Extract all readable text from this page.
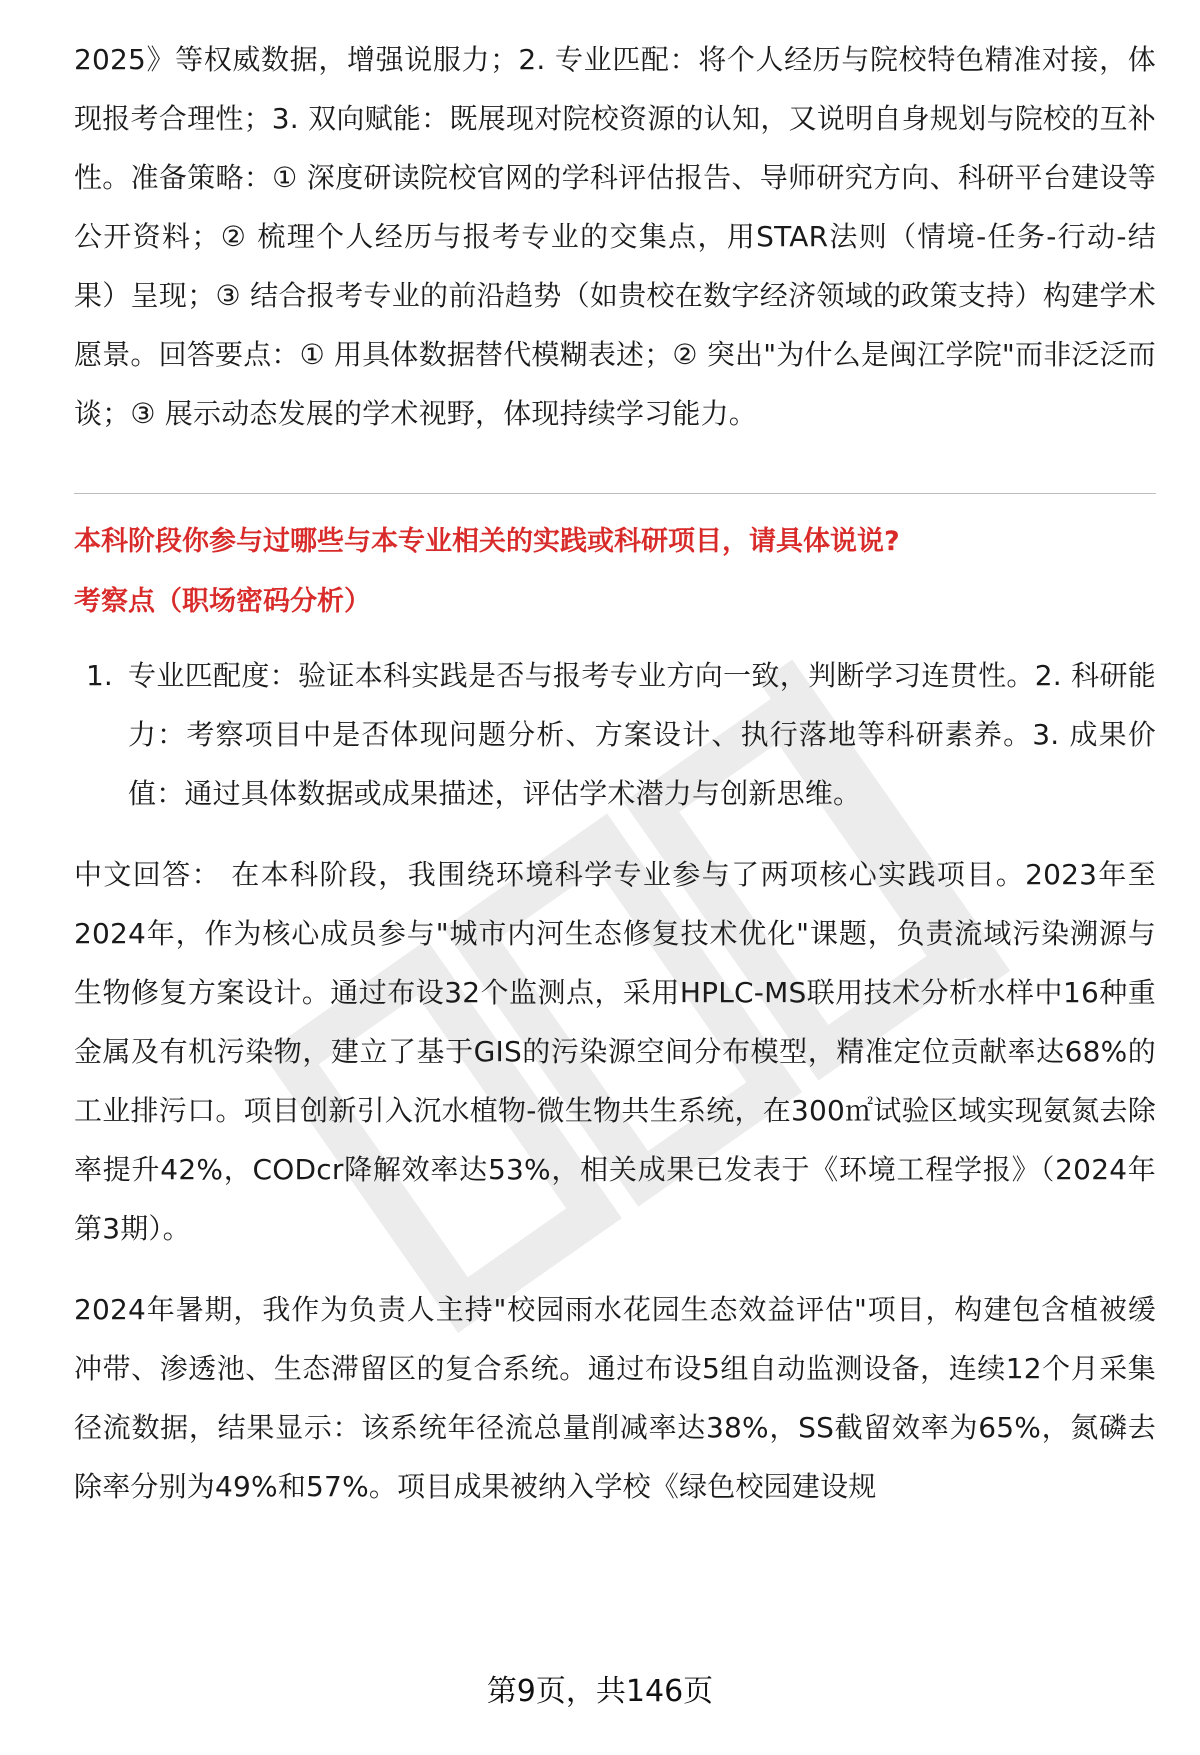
2025》等权威数据，增强说服力；2. 专业匹配：将个人经历与院校特色精准对接，体现报考合理性；3. 双向赋能：既展现对院校资源的认知，又说明自身规划与院校的互补性。准备策略：① 深度研读院校官网的学科评估报告、导师研究方向、科研平台建设等公开资料；② 梳理个人经历与报考专业的交集点，用STAR法则（情境-任务-行动-结果）呈现；③ 结合报考专业的前沿趋势（如贵校在数字经济领域的政策支持）构建学术愿景。回答要点：① 用具体数据替代模糊表述；② 突出"为什么是闽江学院"而非泛泛而谈；③ 展示动态发展的学术视野，体现持续学习能力。

本科阶段你参与过哪些与本专业相关的实践或科研项目，请具体说说?
考察点（职场密码分析）
1. 专业匹配度：验证本科实践是否与报考专业方向一致，判断学习连贯性。2. 科研能力：考察项目中是否体现问题分析、方案设计、执行落地等科研素养。3. 成果价值：通过具体数据或成果描述，评估学术潜力与创新思维。

中文回答： 在本科阶段，我围绕环境科学专业参与了两项核心实践项目。2023年至2024年，作为核心成员参与"城市内河生态修复技术优化"课题，负责流域污染溯源与生物修复方案设计。通过布设32个监测点，采用HPLC-MS联用技术分析水样中16种重金属及有机污染物，建立了基于GIS的污染源空间分布模型，精准定位贡献率达68%的工业排污口。项目创新引入沉水植物-微生物共生系统，在300㎡试验区域实现氨氮去除率提升42%，CODcr降解效率达53%，相关成果已发表于《环境工程学报》（2024年第3期）。

2024年暑期，我作为负责人主持"校园雨水花园生态效益评估"项目，构建包含植被缓冲带、渗透池、生态滞留区的复合系统。通过布设5组自动监测设备，连续12个月采集径流数据，结果显示：该系统年径流总量削减率达38%，SS截留效率为65%，氮磷去除率分别为49%和57%。项目成果被纳入学校《绿色校园建设规

第9页，共146页
